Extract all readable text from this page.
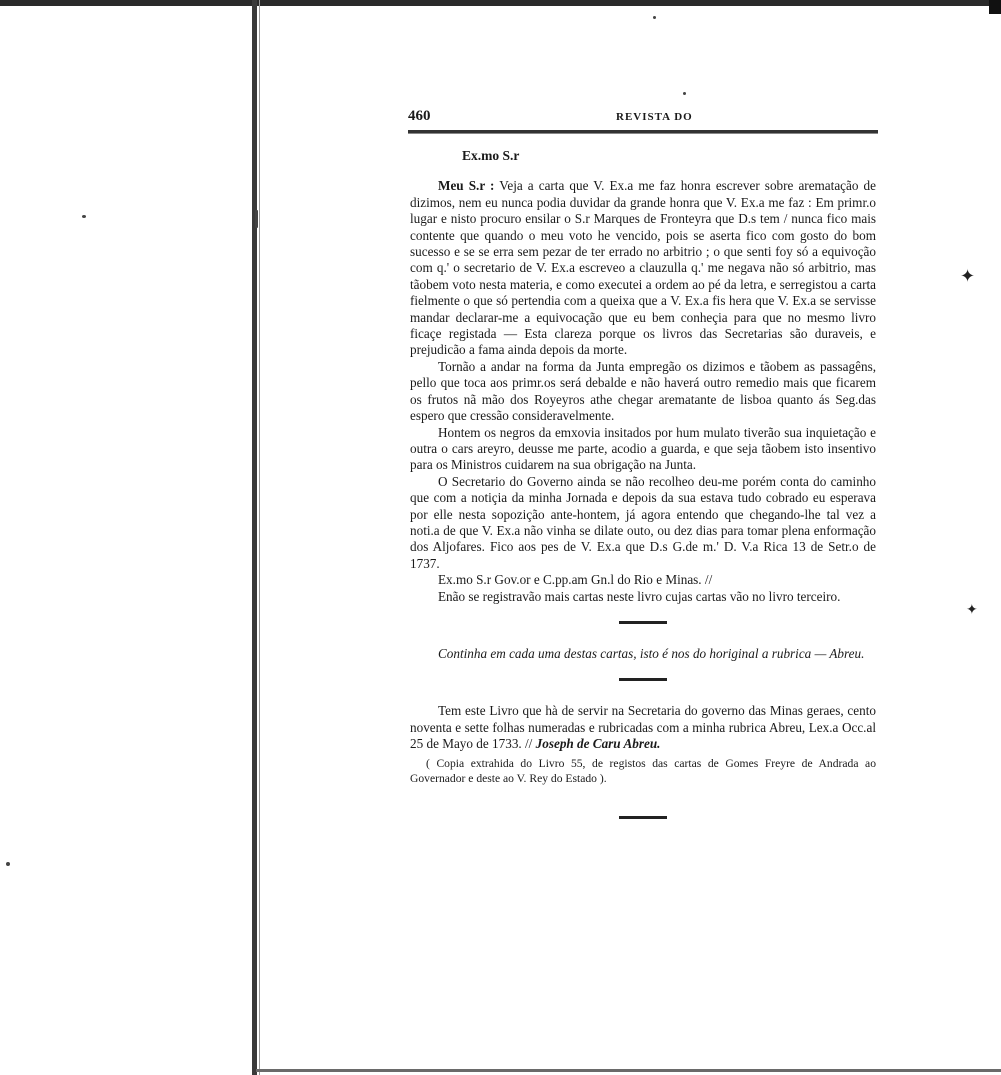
✦
✦
460	REVISTA DO
Ex.mo S.r

Meu S.r : Veja a carta que V. Ex.a me faz honra escrever sobre arematação de dizimos, nem eu nunca podia duvidar da grande honra que V. Ex.a me faz : Em primr.o lugar e nisto procuro ensilar o S.r Marques de Fronteyra que D.s tem / nunca fico mais contente que quando o meu voto he vencido, pois se aserta fico com gosto do bom sucesso e se se erra sem pezar de ter errado no arbitrio ; o que senti foy só a equivoção com q.' o secretario de V. Ex.a escreveo a clauzulla q.' me negava não só arbitrio, mas tãobem voto nesta materia, e como executei a ordem ao pé da letra, e serregistou a carta fielmente o que só pertendia com a queixa que a V. Ex.a fis hera que V. Ex.a se servisse mandar declarar-me a equivocação que eu bem conheçia para que no mesmo livro ficaçe registada — Esta clareza porque os livros das Secretarias são duraveis, e prejudicão a fama ainda depois da morte.

Tornão a andar na forma da Junta empregão os dizimos e tãobem as passagêns, pello que toca aos primr.os será debalde e não haverá outro remedio mais que ficarem os frutos nã mão dos Royeyros athe chegar arematante de lisboa quanto ás Seg.das espero que cressão consideravelmente.

Hontem os negros da emxovia insitados por hum mulato tiverão sua inquietação e outra o cars areyro, deusse me parte, acodio a guarda, e que seja tãobem isto insentivo para os Ministros cuidarem na sua obrigação na Junta.

O Secretario do Governo ainda se não recolheo deu-me porém conta do caminho que com a notiçia da minha Jornada e depois da sua estava tudo cobrado eu esperava por elle nesta sopozição ante-hontem, já agora entendo que chegando-lhe tal vez a noti.a de que V. Ex.a não vinha se dilate outo, ou dez dias para tomar plena enformação dos Aljofares. Fico aos pes de V. Ex.a que D.s G.de m.' D. V.a Rica 13 de Setr.o de 1737.

Ex.mo S.r Gov.or e C.pp.am Gn.l do Rio e Minas. //

Enão se registravão mais cartas neste livro cujas cartas vão no livro terceiro.

Continha em cada uma destas cartas, isto é nos do horiginal a rubrica — Abreu.

Tem este Livro que hà de servir na Secretaria do governo das Minas geraes, cento noventa e sette folhas numeradas e rubricadas com a minha rubrica Abreu, Lex.a Occ.al 25 de Mayo de 1733. // Joseph de Caru Abreu.

( Copia extrahida do Livro 55, de registos das cartas de Gomes Freyre de Andrada ao Governador e deste ao V. Rey do Estado ).
